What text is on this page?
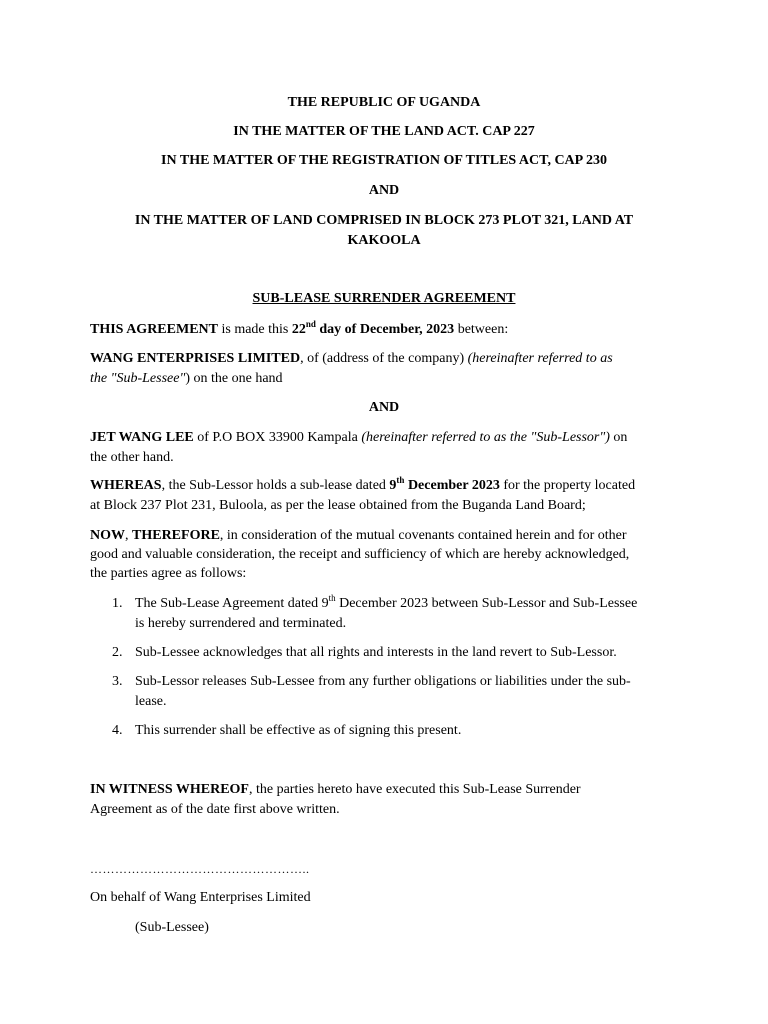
THE REPUBLIC OF UGANDA
IN THE MATTER OF THE LAND ACT. CAP 227
IN THE MATTER OF THE REGISTRATION OF TITLES ACT, CAP 230
AND
IN THE MATTER OF LAND COMPRISED IN BLOCK 273 PLOT 321, LAND AT
KAKOOLA
SUB-LEASE SURRENDER AGREEMENT
THIS AGREEMENT is made this 22nd day of December, 2023 between:
WANG ENTERPRISES LIMITED, of (address of the company) (hereinafter referred to as
the "Sub-Lessee") on the one hand
AND
JET WANG LEE of P.O BOX 33900 Kampala (hereinafter referred to as the "Sub-Lessor") on
the other hand.
WHEREAS, the Sub-Lessor holds a sub-lease dated 9th December 2023 for the property located
at Block 237 Plot 231, Buloola, as per the lease obtained from the Buganda Land Board;
NOW, THEREFORE, in consideration of the mutual covenants contained herein and for other
good and valuable consideration, the receipt and sufficiency of which are hereby acknowledged,
the parties agree as follows:
1. The Sub-Lease Agreement dated 9th December 2023 between Sub-Lessor and Sub-Lessee
is hereby surrendered and terminated.
2. Sub-Lessee acknowledges that all rights and interests in the land revert to Sub-Lessor.
3. Sub-Lessor releases Sub-Lessee from any further obligations or liabilities under the sub-
lease.
4. This surrender shall be effective as of signing this present.
IN WITNESS WHEREOF, the parties hereto have executed this Sub-Lease Surrender
Agreement as of the date first above written.
……………………………………………..
On behalf of Wang Enterprises Limited
(Sub-Lessee)
